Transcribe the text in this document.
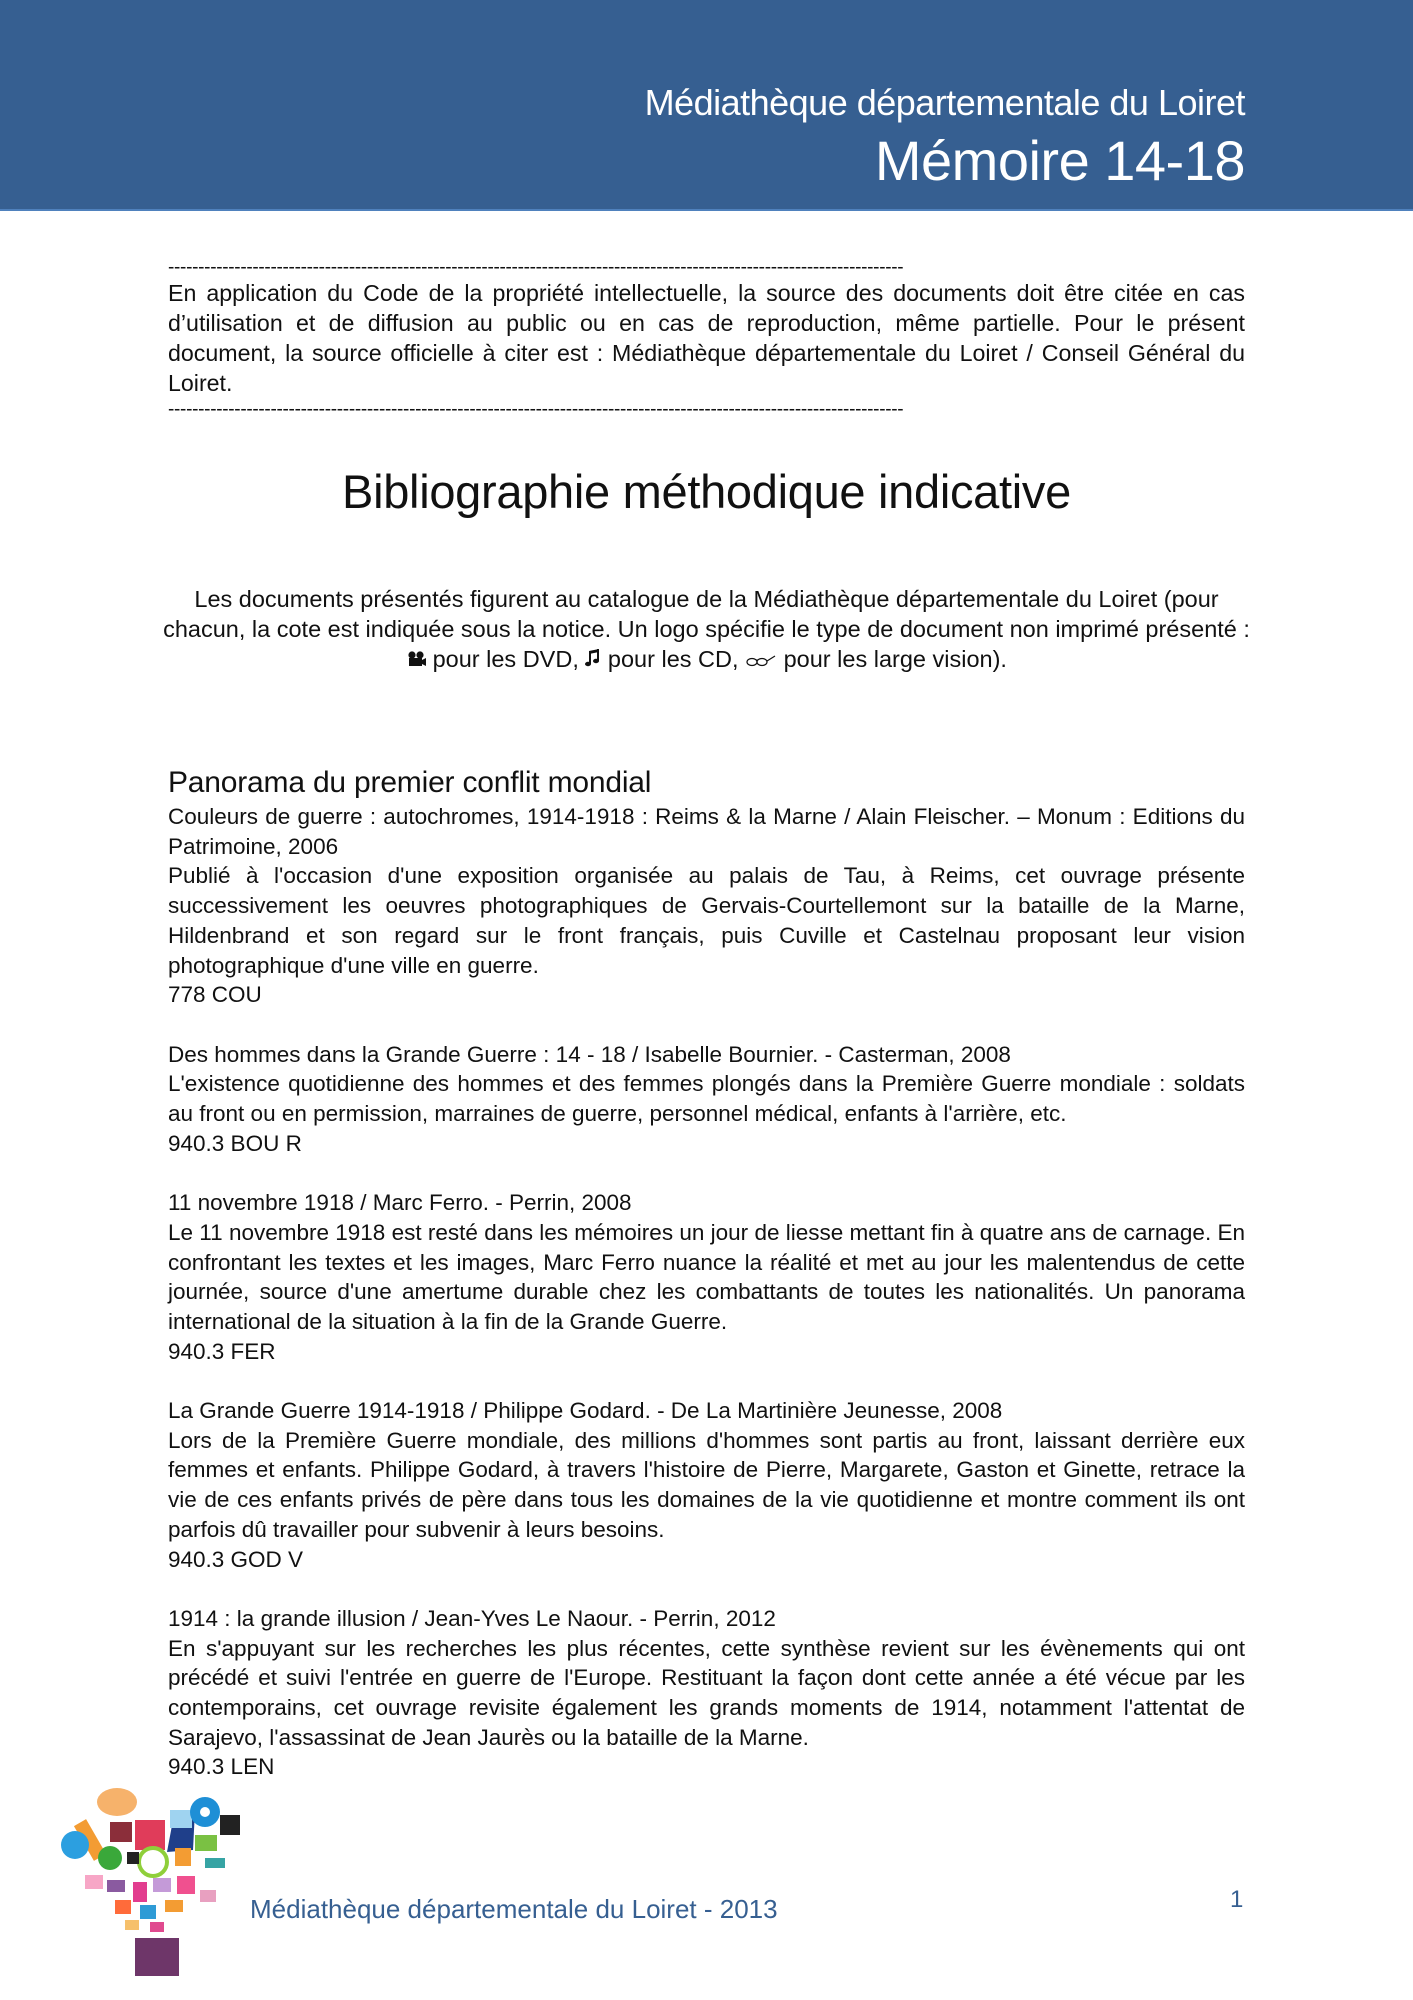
Médiathèque départementale du Loiret
Mémoire 14-18
--------------------------------------------------------------------------------------------------------------------------
En application du Code de la propriété intellectuelle, la source des documents doit être citée en cas d’utilisation et de diffusion au public ou en cas de reproduction, même partielle. Pour le présent document, la source officielle à citer est : Médiathèque départementale du Loiret / Conseil Général du Loiret.
--------------------------------------------------------------------------------------------------------------------------
Bibliographie méthodique indicative
Les documents présentés figurent au catalogue de la Médiathèque départementale du Loiret (pour chacun, la cote est indiquée sous la notice. Un logo spécifie le type de document non imprimé présenté :  pour les DVD, pour les CD, pour les large vision).
Panorama du premier conflit mondial
Couleurs de guerre : autochromes, 1914-1918 : Reims & la Marne / Alain Fleischer. – Monum : Editions du Patrimoine, 2006
Publié à l'occasion d'une exposition organisée au palais de Tau, à Reims, cet ouvrage présente successivement les oeuvres photographiques de Gervais-Courtellemont sur la bataille de la Marne, Hildenbrand et son regard sur le front français, puis Cuville et Castelnau proposant leur vision photographique d'une ville en guerre.
778 COU
Des hommes dans la Grande Guerre : 14 - 18 / Isabelle Bournier. - Casterman, 2008
L'existence quotidienne des hommes et des femmes plongés dans la Première Guerre mondiale : soldats au front ou en permission, marraines de guerre, personnel médical, enfants à l'arrière, etc.
940.3 BOU R
11 novembre 1918 / Marc Ferro. - Perrin, 2008
Le 11 novembre 1918 est resté dans les mémoires un jour de liesse mettant fin à quatre ans de carnage. En confrontant les textes et les images, Marc Ferro nuance la réalité et met au jour les malentendus de cette journée, source d'une amertume durable chez les combattants de toutes les nationalités. Un panorama international de la situation à la fin de la Grande Guerre.
940.3 FER
La Grande Guerre 1914-1918 / Philippe Godard. - De La Martinière Jeunesse, 2008
Lors de la Première Guerre mondiale, des millions d'hommes sont partis au front, laissant derrière eux femmes et enfants. Philippe Godard, à travers l'histoire de Pierre, Margarete, Gaston et Ginette, retrace la vie de ces enfants privés de père dans tous les domaines de la vie quotidienne et montre comment ils ont parfois dû travailler pour subvenir à leurs besoins.
940.3 GOD V
1914 : la grande illusion / Jean-Yves Le Naour. - Perrin, 2012
En s'appuyant sur les recherches les plus récentes, cette synthèse revient sur les évènements qui ont précédé et suivi l'entrée en guerre de l'Europe. Restituant la façon dont cette année a été vécue par les contemporains, cet ouvrage revisite également les grands moments de 1914, notamment l'attentat de Sarajevo, l'assassinat de Jean Jaurès ou la bataille de la Marne.
940.3 LEN
Médiathèque départementale du Loiret - 2013	1
